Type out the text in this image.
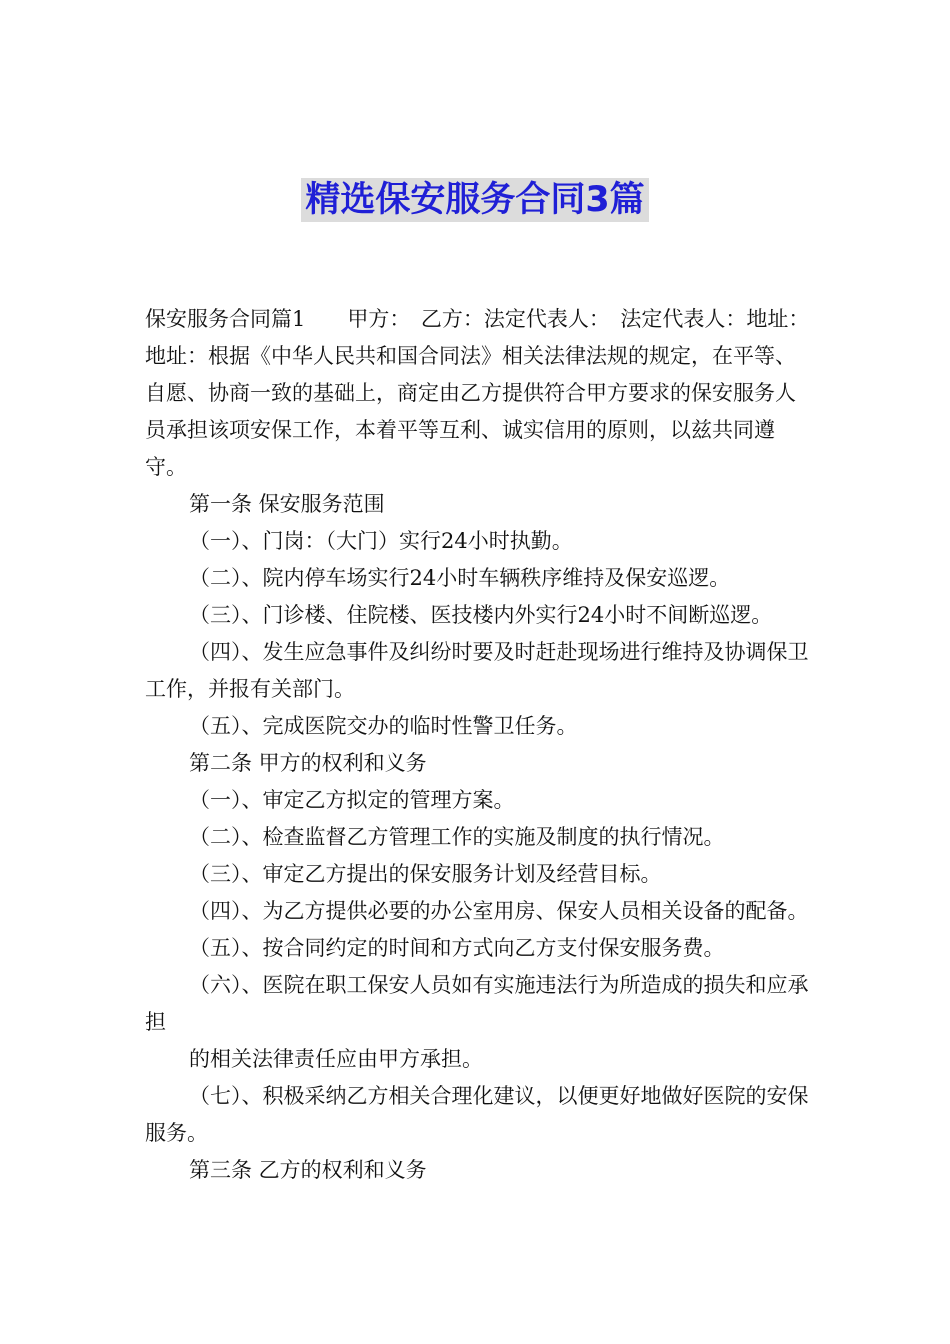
精选保安服务合同3篇

保安服务合同篇1　　甲方：　乙方：法定代表人：　法定代表人：地址：　地址：根据《中华人民共和国合同法》相关法律法规的规定，在平等、自愿、协商一致的基础上，商定由乙方提供符合甲方要求的保安服务人员承担该项安保工作，本着平等互利、诚实信用的原则，以兹共同遵守。

第一条 保安服务范围

（一）、门岗：（大门）实行24小时执勤。

（二）、院内停车场实行24小时车辆秩序维持及保安巡逻。

（三）、门诊楼、住院楼、医技楼内外实行24小时不间断巡逻。

（四）、发生应急事件及纠纷时要及时赶赴现场进行维持及协调保卫工作，并报有关部门。

（五）、完成医院交办的临时性警卫任务。

第二条 甲方的权利和义务

（一）、审定乙方拟定的管理方案。

（二）、检查监督乙方管理工作的实施及制度的执行情况。

（三）、审定乙方提出的保安服务计划及经营目标。

（四）、为乙方提供必要的办公室用房、保安人员相关设备的配备。

（五）、按合同约定的时间和方式向乙方支付保安服务费。

（六）、医院在职工保安人员如有实施违法行为所造成的损失和应承担

的相关法律责任应由甲方承担。

（七）、积极采纳乙方相关合理化建议，以便更好地做好医院的安保服务。

第三条 乙方的权利和义务
